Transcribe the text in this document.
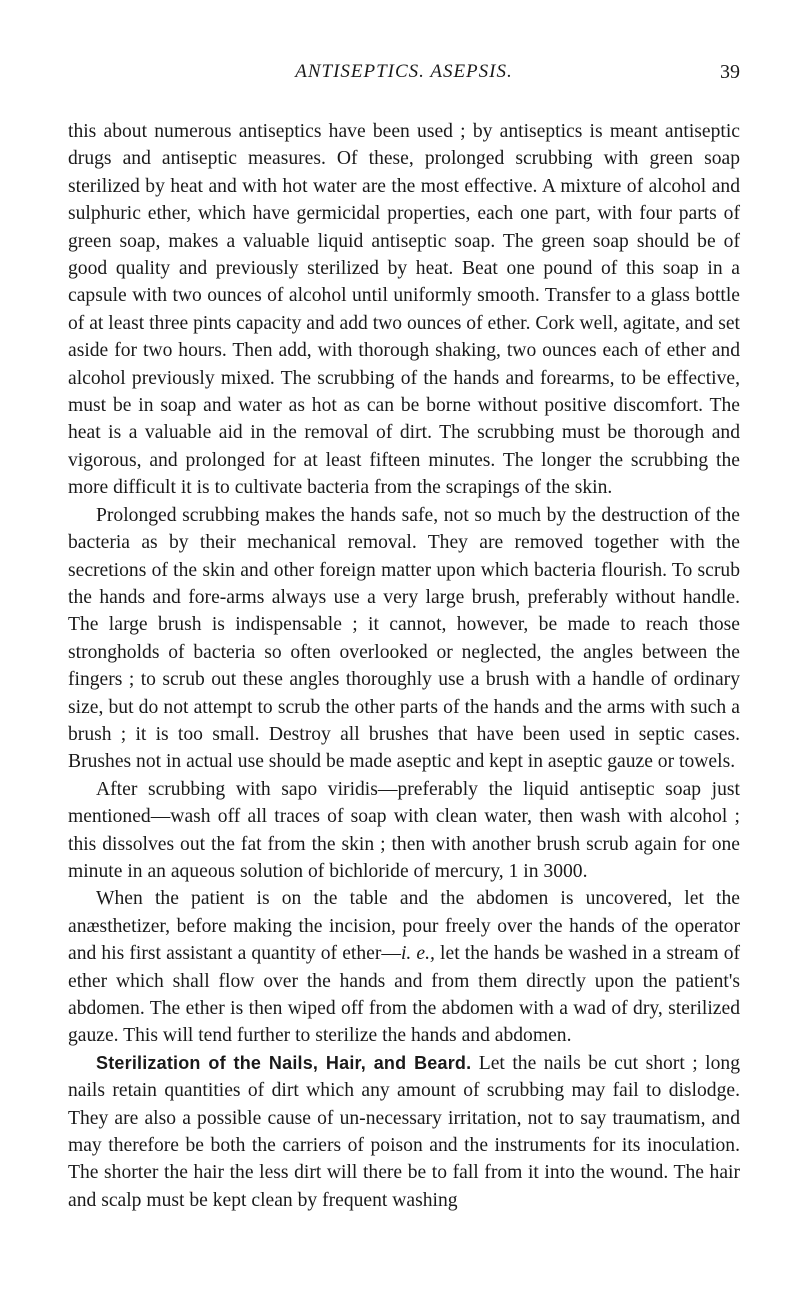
ANTISEPTICS. ASEPSIS.	39

this about numerous antiseptics have been used ; by antiseptics is meant antiseptic drugs and antiseptic measures. Of these, prolonged scrubbing with green soap sterilized by heat and with hot water are the most effective. A mixture of alcohol and sulphuric ether, which have germicidal properties, each one part, with four parts of green soap, makes a valuable liquid antiseptic soap. The green soap should be of good quality and previously sterilized by heat. Beat one pound of this soap in a capsule with two ounces of alcohol until uniformly smooth. Transfer to a glass bottle of at least three pints capacity and add two ounces of ether. Cork well, agitate, and set aside for two hours. Then add, with thorough shaking, two ounces each of ether and alcohol previously mixed. The scrubbing of the hands and forearms, to be effective, must be in soap and water as hot as can be borne without positive discomfort. The heat is a valuable aid in the removal of dirt. The scrubbing must be thorough and vigorous, and prolonged for at least fifteen minutes. The longer the scrubbing the more difficult it is to cultivate bacteria from the scrapings of the skin.

Prolonged scrubbing makes the hands safe, not so much by the destruction of the bacteria as by their mechanical removal. They are removed together with the secretions of the skin and other foreign matter upon which bacteria flourish. To scrub the hands and fore-arms always use a very large brush, preferably without handle. The large brush is indispensable ; it cannot, however, be made to reach those strongholds of bacteria so often overlooked or neglected, the angles between the fingers ; to scrub out these angles thoroughly use a brush with a handle of ordinary size, but do not attempt to scrub the other parts of the hands and the arms with such a brush ; it is too small. Destroy all brushes that have been used in septic cases. Brushes not in actual use should be made aseptic and kept in aseptic gauze or towels.

After scrubbing with sapo viridis—preferably the liquid antiseptic soap just mentioned—wash off all traces of soap with clean water, then wash with alcohol ; this dissolves out the fat from the skin ; then with another brush scrub again for one minute in an aqueous solution of bichloride of mercury, 1 in 3000.

When the patient is on the table and the abdomen is uncovered, let the anæsthetizer, before making the incision, pour freely over the hands of the operator and his first assistant a quantity of ether—i. e., let the hands be washed in a stream of ether which shall flow over the hands and from them directly upon the patient's abdomen. The ether is then wiped off from the abdomen with a wad of dry, sterilized gauze. This will tend further to sterilize the hands and abdomen.

Sterilization of the Nails, Hair, and Beard. Let the nails be cut short ; long nails retain quantities of dirt which any amount of scrubbing may fail to dislodge. They are also a possible cause of un-necessary irritation, not to say traumatism, and may therefore be both the carriers of poison and the instruments for its inoculation. The shorter the hair the less dirt will there be to fall from it into the wound. The hair and scalp must be kept clean by frequent washing
